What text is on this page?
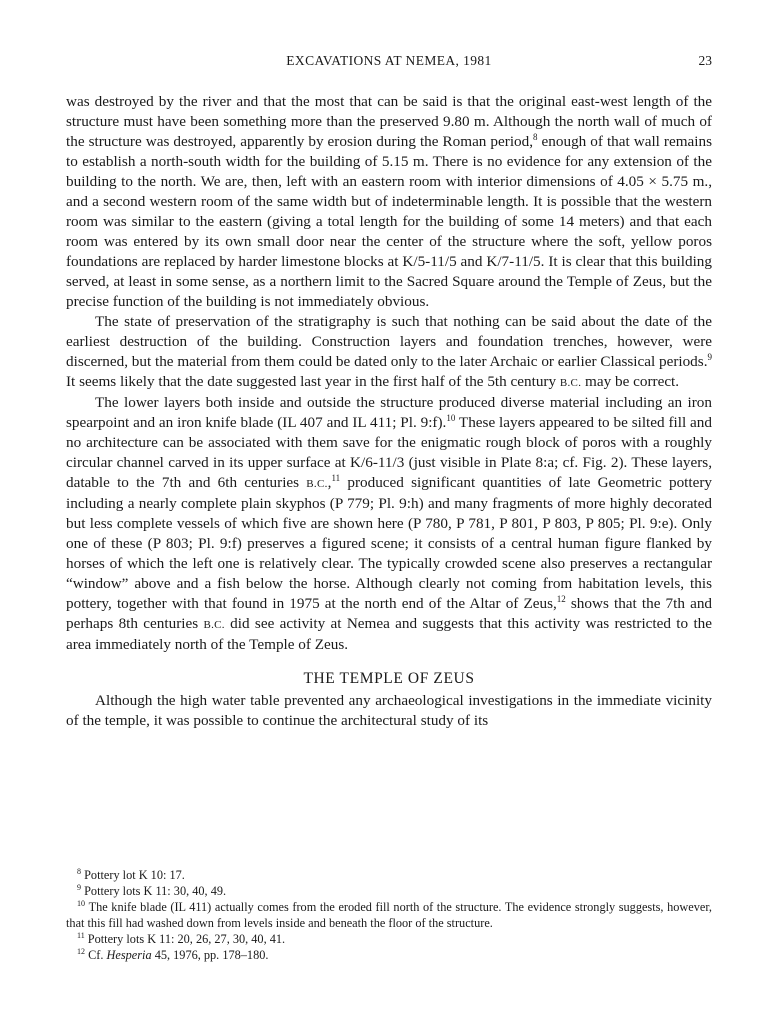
EXCAVATIONS AT NEMEA, 1981	23

was destroyed by the river and that the most that can be said is that the original east-west length of the structure must have been something more than the preserved 9.80 m. Although the north wall of much of the structure was destroyed, apparently by erosion during the Roman period,$^8$ enough of that wall remains to establish a north-south width for the building of 5.15 m. There is no evidence for any extension of the building to the north. We are, then, left with an eastern room with interior dimensions of 4.05 × 5.75 m., and a second western room of the same width but of indeterminable length. It is possible that the western room was similar to the eastern (giving a total length for the building of some 14 meters) and that each room was entered by its own small door near the center of the structure where the soft, yellow poros foundations are replaced by harder limestone blocks at K/5-11/5 and K/7-11/5. It is clear that this building served, at least in some sense, as a northern limit to the Sacred Square around the Temple of Zeus, but the precise function of the building is not immediately obvious.

The state of preservation of the stratigraphy is such that nothing can be said about the date of the earliest destruction of the building. Construction layers and foundation trenches, however, were discerned, but the material from them could be dated only to the later Archaic or earlier Classical periods.$^9$ It seems likely that the date suggested last year in the first half of the 5th century B.C. may be correct.

The lower layers both inside and outside the structure produced diverse material including an iron spearpoint and an iron knife blade (IL 407 and IL 411; Pl. 9:f).$^{10}$ These layers appeared to be silted fill and no architecture can be associated with them save for the enigmatic rough block of poros with a roughly circular channel carved in its upper surface at K/6-11/3 (just visible in Plate 8:a; cf. Fig. 2). These layers, datable to the 7th and 6th centuries B.C.,$^{11}$ produced significant quantities of late Geometric pottery including a nearly complete plain skyphos (P 779; Pl. 9:h) and many fragments of more highly decorated but less complete vessels of which five are shown here (P 780, P 781, P 801, P 803, P 805; Pl. 9:e). Only one of these (P 803; Pl. 9:f) preserves a figured scene; it consists of a central human figure flanked by horses of which the left one is relatively clear. The typically crowded scene also preserves a rectangular “window” above and a fish below the horse. Although clearly not coming from habitation levels, this pottery, together with that found in 1975 at the north end of the Altar of Zeus,$^{12}$ shows that the 7th and perhaps 8th centuries B.C. did see activity at Nemea and suggests that this activity was restricted to the area immediately north of the Temple of Zeus.

THE TEMPLE OF ZEUS

Although the high water table prevented any archaeological investigations in the immediate vicinity of the temple, it was possible to continue the architectural study of its

$^8$ Pottery lot K 10: 17.

$^9$ Pottery lots K 11: 30, 40, 49.

$^{10}$ The knife blade (IL 411) actually comes from the eroded fill north of the structure. The evidence strongly suggests, however, that this fill had washed down from levels inside and beneath the floor of the structure.

$^{11}$ Pottery lots K 11: 20, 26, 27, 30, 40, 41.

$^{12}$ Cf. Hesperia 45, 1976, pp. 178–180.
